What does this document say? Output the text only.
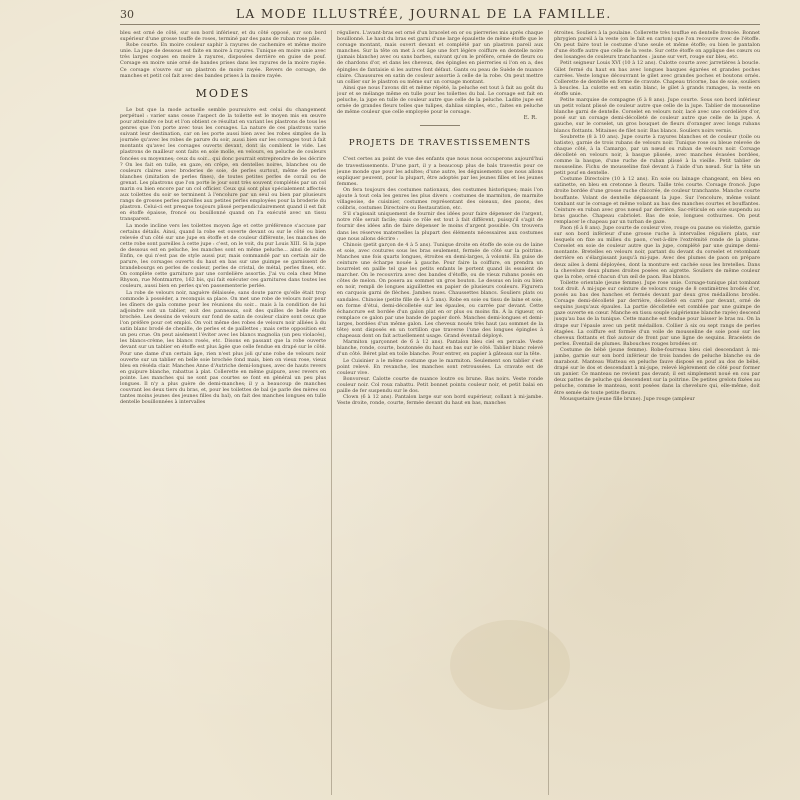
30	LA MODE ILLUSTRÉE, JOURNAL DE LA FAMILLE.

bleu est orné de côté, sur son bord inférieur, et du côté opposé, sur son bord supérieur d'une grosse touffe de roses, terminé par des pans de ruban rose pâle.

Robe courte. En moire couleur saphir à rayures de cachemire et même moire unie. La jupe de dessous est faite en moire à rayures. Tunique en moire unie avec très larges coques en moire à rayures, disposées derrière en guise de pouf. Corsage en moire unie orné de bandes prises dans les rayures de la moire rayée. Ce corsage s'ouvre sur un plastron de moire rayée. Revers de corsage, de manches et petit col fait avec des bandes prises à la moire rayée.

MODES

Le but que la mode actuelle semble poursuivre est celui du changement perpétuel : varier sans cesse l'aspect de la toilette est le moyen mis en œuvre pour atteindre ce but et l'on obtient ce résultat en variant les plastrons de tous les genres que l'on porte avec tous les corsages. La nature de ces plastrons varie suivant leur destination, car on les porte aussi bien avec les robes simples de la journée qu'avec les robes de parure du soir, aussi bien sur les corsages tout à fait montants qu'avec les corsages ouverts devant, dont ils comblent le vide. Les plastrons de mailleur sont faits en soie molle, en velours, en peluche de couleurs foncées ou moyennes; ceux du soir... qui donc pourrait entreprendre de les décrire ? On les fait en tulle, en gaze, en crêpe, en dentelles noires, blanches ou de couleurs claires avec broderies de soie, de perles surtout, même de perles blanches (imitation de perles fines), de toutes petites perles de corail ou de grenat. Les plastrons que l'on porte le jour sont très souvent complétés par un col marin ou bien encore par un col officier. Ceux qui sont plus spécialement affectés aux toilettes du soir se terminent à l'encolure par un seul ou bien par plusieurs rangs de grosses perles pareilles aux petites perles employées pour la broderie du plastron. Celui-ci est presque toujours plissé perpendiculairement quand il est fait en étoffe épaisse, froncé ou bouillonné quand on l'a exécuté avec un tissu transparent.

La mode incline vers les toilettes moyen âge et cette préférence s'accuse par certains détails. Ainsi, quand la robe est ouverte devant ou sur le côté ou bien relevée d'un côté sur une jupe en étoffe et de couleur différente, les manches de cette robe sont pareilles à cette jupe : c'est, on le voit, du pur Louis XIII. Si la jupe de dessous est en peluche, les manches sont en même peluche... ainsi de suite. Enfin, ce qui n'est pas de style aussi pur, mais commandé par un certain air de parure, les corsages ouverts du haut en bas sur une guimpe se garnissent de brandebourgs en perles de couleur, perles de cristal, de métal, perles fines, etc. On complète cette garniture par une cordelière assortie. J'ai vu cela chez Mme Rhyson, rue Montmartre, 162 bis, qui fait exécuter ces garnitures dans toutes les couleurs, aussi bien en perles qu'en passementerie perlée.

La robe de velours noir, naguère délaissée, sans doute parce qu'elle était trop commode à posséder, a reconquis sa place. On met une robe de velours noir pour les dîners de gala comme pour les réunions du soir... mais à la condition de lui adjoindre soit un tablier, soit des panneaux, soit des quilles de belle étoffe brochée. Les dessins de velours sur fond de satin de couleur claire sont ceux que l'on préfère pour cet emploi. On voit même des robes de velours noir alliées à du satin blanc brodé de chenille, de perles et de paillettes ; mais cette opposition est un peu crue. On peut aisément l'éviter avec les blancs magnolia (un peu violacés), les blancs-crème, les blancs rosés, etc. Disons en passant que la robe ouverte devant sur un tablier en étoffe est plus âgée que celle fendue en drapé sur le côté. Pour une dame d'un certain âge, rien n'est plus joli qu'une robe de velours noir ouverte sur un tablier en belle soie brochée fond mais, bien on vieux rose, vieux bleu en réséda clair. Manches Anne d'Autriche demi-longues, avec de hauts revers en guipure blanche, rabattus à plat. Collerette en même guipure, avec revers en pointe. Les manches qui ne sont pas courtes se font en général un peu plus longues. Il n'y a plus guère de demi-manches; il y a beaucoup de manches couvrant les deux tiers du bras, et, pour les toilettes de bal (je parle des mères ou tantes moins jeunes des jeunes filles du bal), on fait des manches longues en tulle dentelle bouillonnées à intervalles

réguliers. L'avant-bras est orné d'un bracelet en or ou pierreries mis après chaque bouillonné. Le haut du bras est garni d'une large épaulette de même étoffe que le corsage montant, mais ouvert devant et complété par un plastron pareil aux manches. Sur la tête on met à cet âge une fort légère coiffure en dentelle noire (jamais blanche) avec ou sans barbes, suivant qu'on le préfère, ornée de fleurs ou de chardons d'or, et dans les cheveux, des épingles en pierreries si l'on en a, des épingles de fantaisie si les autres font défaut. Gants ou peau de Suède de nuance claire. Chaussures en satin de couleur assortie à celle de la robe. On peut mettre un collier sur le plastron ou même sur un corsage montant.

Ainsi que nous l'avons dit et même répété, la peluche est tout à fait au goût du jour et se mélange même en tulle pour les toilettes du bal. Le corsage est fait en peluche, la jupe en tulle de couleur autre que celle de la peluche. Ladite jupe est ornée de grandes fleurs telles que tulipes, dahlias simples, etc., faites en peluche de même couleur que celle employée pour le corsage.

E. R.
PROJETS DE TRAVESTISSEMENTS

C'est certes au point de vue des enfants que nous nous occuperons aujourd'hui de travestissements. D'une part, il y a beaucoup plus de bals travestis pour ce jeune monde que pour les adultes; d'une autre, les déguisements que nous allons expliquer peuvent, pour la plupart, être adoptés par les jeunes filles et les jeunes femmes.

On fera toujours des costumes nationaux, des costumes historiques; mais l'on ajoute à tout cela les genres les plus divers : costumes de marmiton, de marmite villageoise, de cuisinier, costumes représentant des oiseaux, des paons, des colibris, costumes Directoire ou Restauration, etc.

S'il s'agissait uniquement de fournir des idées pour faire dépenser de l'argent, notre rôle serait facile; mais ce rôle est tout à fait différent, puisqu'il s'agit de fournir des idées afin de faire dépenser le moins d'argent possible. On trouvera dans les réserves maternelles la plupart des éléments nécessaires aux costumes que nous allons décrire :

Chinois (petit garçon de 4 à 5 ans). Tunique droite en étoffe de soie ou de laine et soie, avec coutures sous les bras seulement, fermée de côté sur la poitrine. Manches une fois quarts longues, étroites en demi-larges, à volonté. En guise de ceinture une écharpe nouée à gauche. Pour faire la coiffure, on prendra un bourrelet en paille tel que les petits enfants le portent quand ils essaient de marcher. On le recouvrira avec des bandes d'étoffe, ou de vieux rubans posés en côtes de melon. On posera au sommet un gros bouton. Le dessus en loin ou bien en noir, rempli de longues aiguillettes en papier de plusieurs couleurs. Figurera en carquois garni de flèches. Jambes nues. Chaussettes blancs. Souliers plats ou sandales. Chinoise (petite fille de 4 à 5 ans). Robe en soie ou tissu de laine et soie, en forme d'étui, demi-décolletée sur les épaules, ou carrée par devant. Cette échancrure est bordée d'un galon plat en or plus ou moins fin. À la rigueur, on remplace ce galon par une bande de papier doré. Manches demi-longues et demi-larges, bordées d'un même galon. Les cheveux noués très haut (au sommet de la tête) sont disposés en un tortillon que traverse l'une des longues épingles à chapeaux dont on fait actuellement usage. Grand éventail déployé.

Marmiton (garçonnet de 6 à 12 ans). Pantalon bleu ciel en percale. Veste blanche, ronde, courte, boutonnée du haut en bas sur le côté. Tablier blanc relevé d'un côté. Béret plat en toile blanche. Pour entrer, en papier à gâteaux sur la tête.

Le Cuisinier a le même costume que le marmiton. Seulement son tablier s'est point relevé. En revanche, les manches sont retroussées. La cravate est de couleur vive.

Bonvoreur. Calotte courte de nuance loutre ou brune. Bas noirs. Veste ronde couleur noir. Col roux rabattu. Petit bonnet pointu couleur noir, et petit balai en paille de fer suspendu sur le dos.

Clown (6 à 12 ans). Pantalon large sur son bord supérieur, collant à mi-jambe. Veste droite, ronde, courte, fermée devant du haut en bas, manches

étroites. Souliers à la poulaine. Collerette très touffue en dentelle froncée. Bonnet phrygien pareil à la veste (on le fait en carton) que l'on recouvre avec de l'étoffe. On peut faire tout le costume d'une seule et même étoffe; ou bien le pantalon d'une étoffe autre que celle de la veste. Sur cette étoffe on applique des cœurs ou des losanges de couleurs tranchantes : jaune sur vert, rouge sur bleu, etc.

Petit seigneur Louis XVI (10 à 12 ans). Culotte courte avec jarretières à boucle. Gilet fermé du haut en bas avec longues basques égarées et grandes poches carrées. Veste longue découvrant le gilet avec grandes poches et boutons ornés. Collerette de dentelle en forme de cravate. Chapeau tricorne, bas de soie, souliers à boucles. La culotte est en satin blanc, le gilet à grands ramages, la veste en étoffe unie.

Petite marquise de compagne (6 à 8 ans). Jupe courte. Sous son bord inférieur un petit volant plissé de couleur autre que celle de la jupe. Tablier de mousseline blanche garni de dentelle. Corselet en velours noir, lacé avec une cordelière d'or, posé sur un corsage demi-décolleté de couleur autre que celle de la jupe. À gauche, sur le corselet, un gros bouquet de fleurs d'oranger avec longs rubans blancs flottants. Mitaines de filet noir. Bas blancs. Souliers noirs vernis.

Soubrette (8 à 10 ans). Jupe courte à rayures blanches et de couleur (toile ou batiste), garnie de trois rubans de velours noir. Tunique rose ou bleue relevée de chaque côté, à la Camargo, par un nœud ou ruban de velours noir. Corsage décolleté en velours noir, à basque plissée, avec manches évasées bordées, comme la basque, d'une ruche de ruban plissé à la vieille. Petit tablier de mousseline. Fichu de mousseline fixé devant à l'aide d'un nœud. Sur la tête un petit pouf en dentelle.

Costume Directoire (10 à 12 ans). En soie ou lainage changeant, en bleu en satinette, en bleu en cretonne à fleurs. Taille très courte. Corsage froncé. Jupe droite bordée d'une grosse ruche chicorée, de couleur tranchante. Manche courte bouffante. Volant de dentelle dépassant la jupe. Sur l'encolure, même volant tombant sur le corsage et même volant au bas des manches courtes et bouffantes. Ceinture en ruban avec gros nœud par derrière. Sac-réticule en soie suspendu au bras gauche. Chapeau cabriolet. Bas de soie, longues cothurnes. On peut remplacer le chapeau par un turban de gaze.

Paon (6 à 8 ans). Jupe courte de couleur vive, rouge ou paune ou violette, garnie sur son bord inférieur d'une grosse ruche à intervalles réguliers plats, sur lesquels on fixe au milieu du paon, c'est-à-dire l'extrémité ronde de la plume. Corselet en soie de couleur autre que la jupe, complété par une guimpe demi-montante. Bretelles en velours noir, partant du devant du corselet et retombant derrière en s'élargissant jusqu'à mi-jupe. Avec des plumes de paon on prépare deux ailes à demi déployées, dont la monture est cachée sous les bretelles. Dans la chevelure deux plumes droites posées en aigrette. Souliers de même couleur que la robe, orné chacun d'un œil de paon. Bas blancs.

Toilette orientale (jeune femme). Jupe rose unie. Corsage-tunique plat tombant tout droit. À mi-jupe sur ceinture de velours rouge de 8 centimètres brodés d'or, posés au bas des hanches et fermés devant par deux gros médaillons brodés. Corsage demi-décolleté par derrière, décolleté en carré par devant, orné de sequins jusqu'aux épaules. La partie décolletée est comblée par une guimpe de gaze ouverte en cœur. Manche en tissu souple (algérienne blanche rayée) descend jusqu'au bas de la tunique. Cette manche est fendue pour laisser le bras nu. On la drape sur l'épaule avec un petit médaillon. Collier à six ou sept rangs de perles étagées. La coiffure est formée d'un voile de mousseline de soie posé sur les cheveux flottants et fixé autour de front par une ligne de sequins. Bracelets de perles. Éventail de plumes. Babouches rouges brodées or.

Costume de bébé (jeune femme). Robe-fourreau bleu ciel descendant à mi-jambe, garnie sur son bord inférieur de trois bandes de peluche blanche ou de marabout. Manteau Watteau en peluche fauve disposé en pouf au dos de bébé, drapé sur le dos et descendant à mi-jupe, relevé légèrement de côté pour former un panier. Ce manteau ne revient pas devant; il est simplement noué en cou par deux pattes de peluche qui descendent sur la poitrine. De petites grelots fixées au peluche, comme le manteau, sont posées dans la chevelure qui, elle-même, doit être semée de toute petite fleurs.

Mousquetaire (jeune fille brune). Jupe rouge (ampleur
